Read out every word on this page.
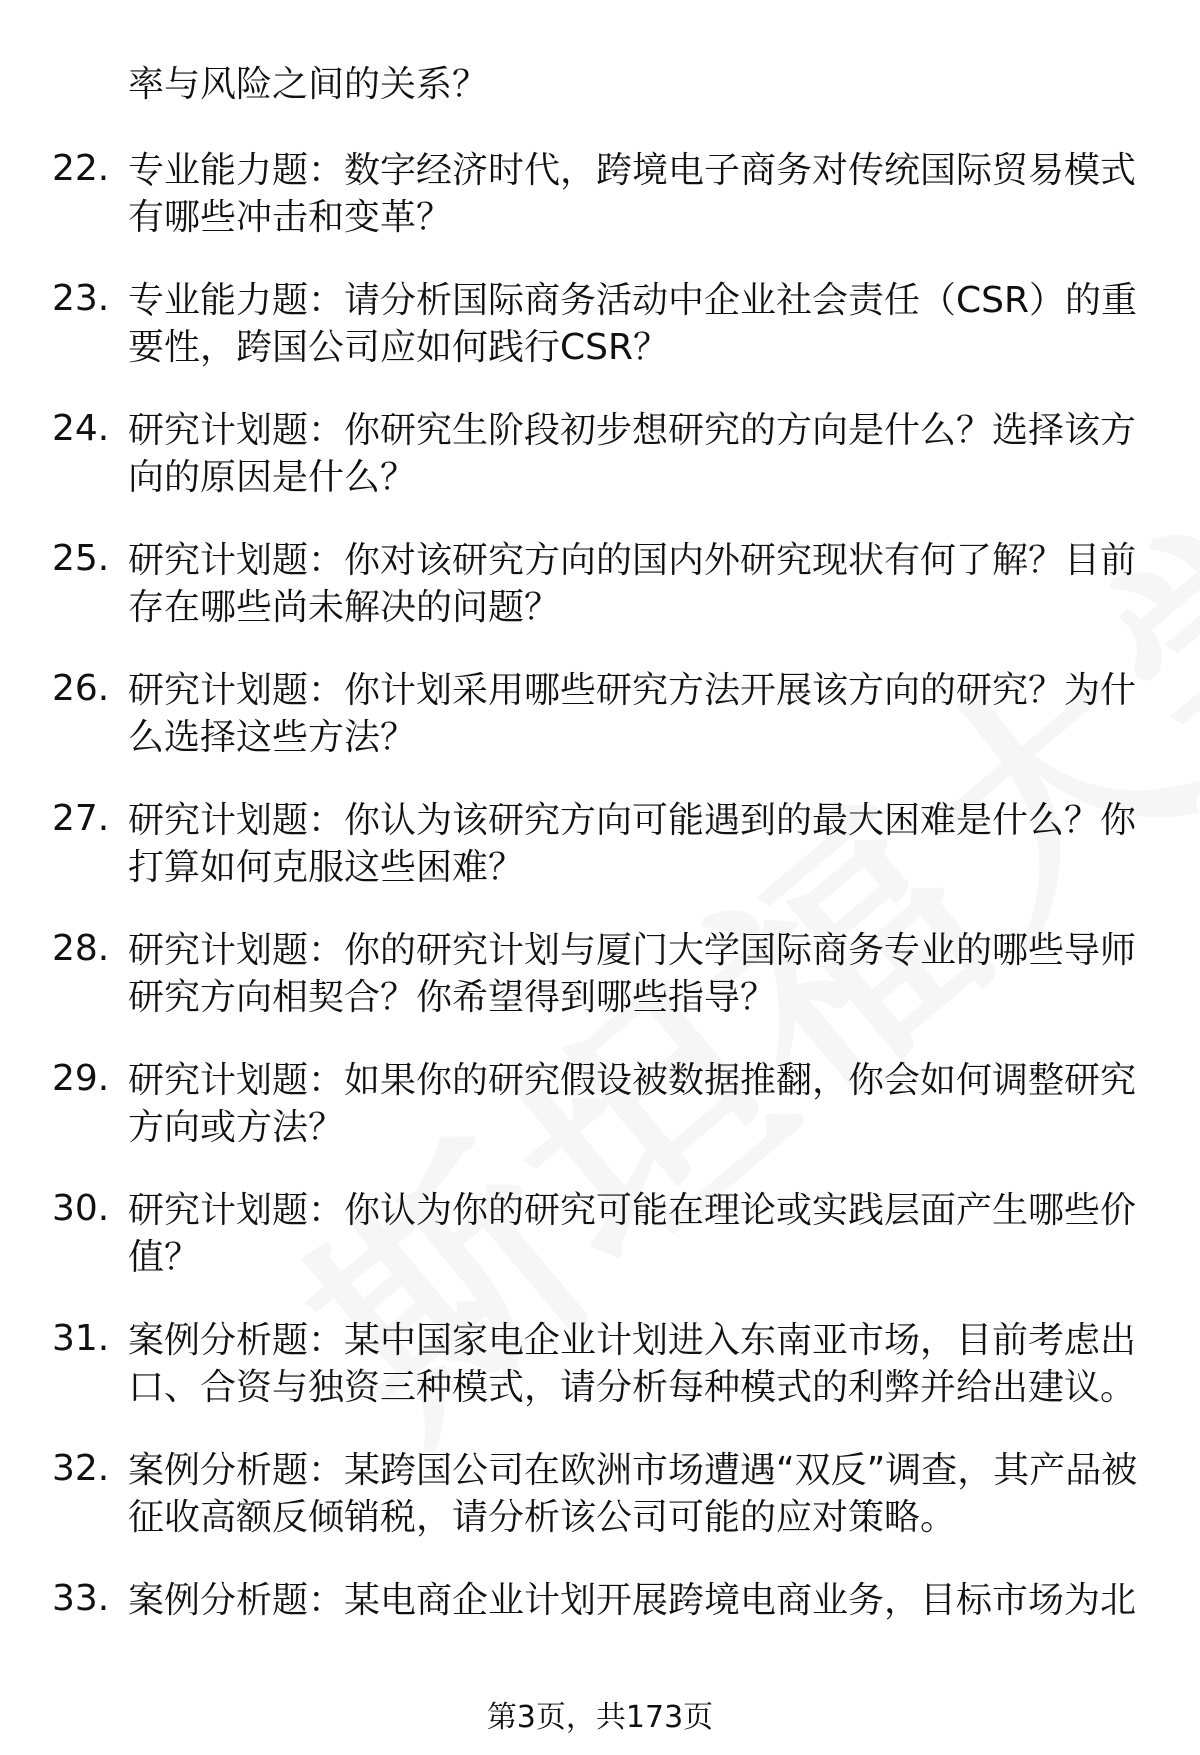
率与风险之间的关系？
22. 专业能力题：数字经济时代，跨境电子商务对传统国际贸易模式有哪些冲击和变革？
23. 专业能力题：请分析国际商务活动中企业社会责任（CSR）的重要性，跨国公司应如何践行CSR？
24. 研究计划题：你研究生阶段初步想研究的方向是什么？选择该方向的原因是什么？
25. 研究计划题：你对该研究方向的国内外研究现状有何了解？目前存在哪些尚未解决的问题？
26. 研究计划题：你计划采用哪些研究方法开展该方向的研究？为什么选择这些方法？
27. 研究计划题：你认为该研究方向可能遇到的最大困难是什么？你打算如何克服这些困难？
28. 研究计划题：你的研究计划与厦门大学国际商务专业的哪些导师研究方向相契合？你希望得到哪些指导？
29. 研究计划题：如果你的研究假设被数据推翻，你会如何调整研究方向或方法？
30. 研究计划题：你认为你的研究可能在理论或实践层面产生哪些价值？
31. 案例分析题：某中国家电企业计划进入东南亚市场，目前考虑出口、合资与独资三种模式，请分析每种模式的利弊并给出建议。
32. 案例分析题：某跨国公司在欧洲市场遭遇“双反”调查，其产品被征收高额反倾销税，请分析该公司可能的应对策略。
33. 案例分析题：某电商企业计划开展跨境电商业务，目标市场为北
第3页，共173页
